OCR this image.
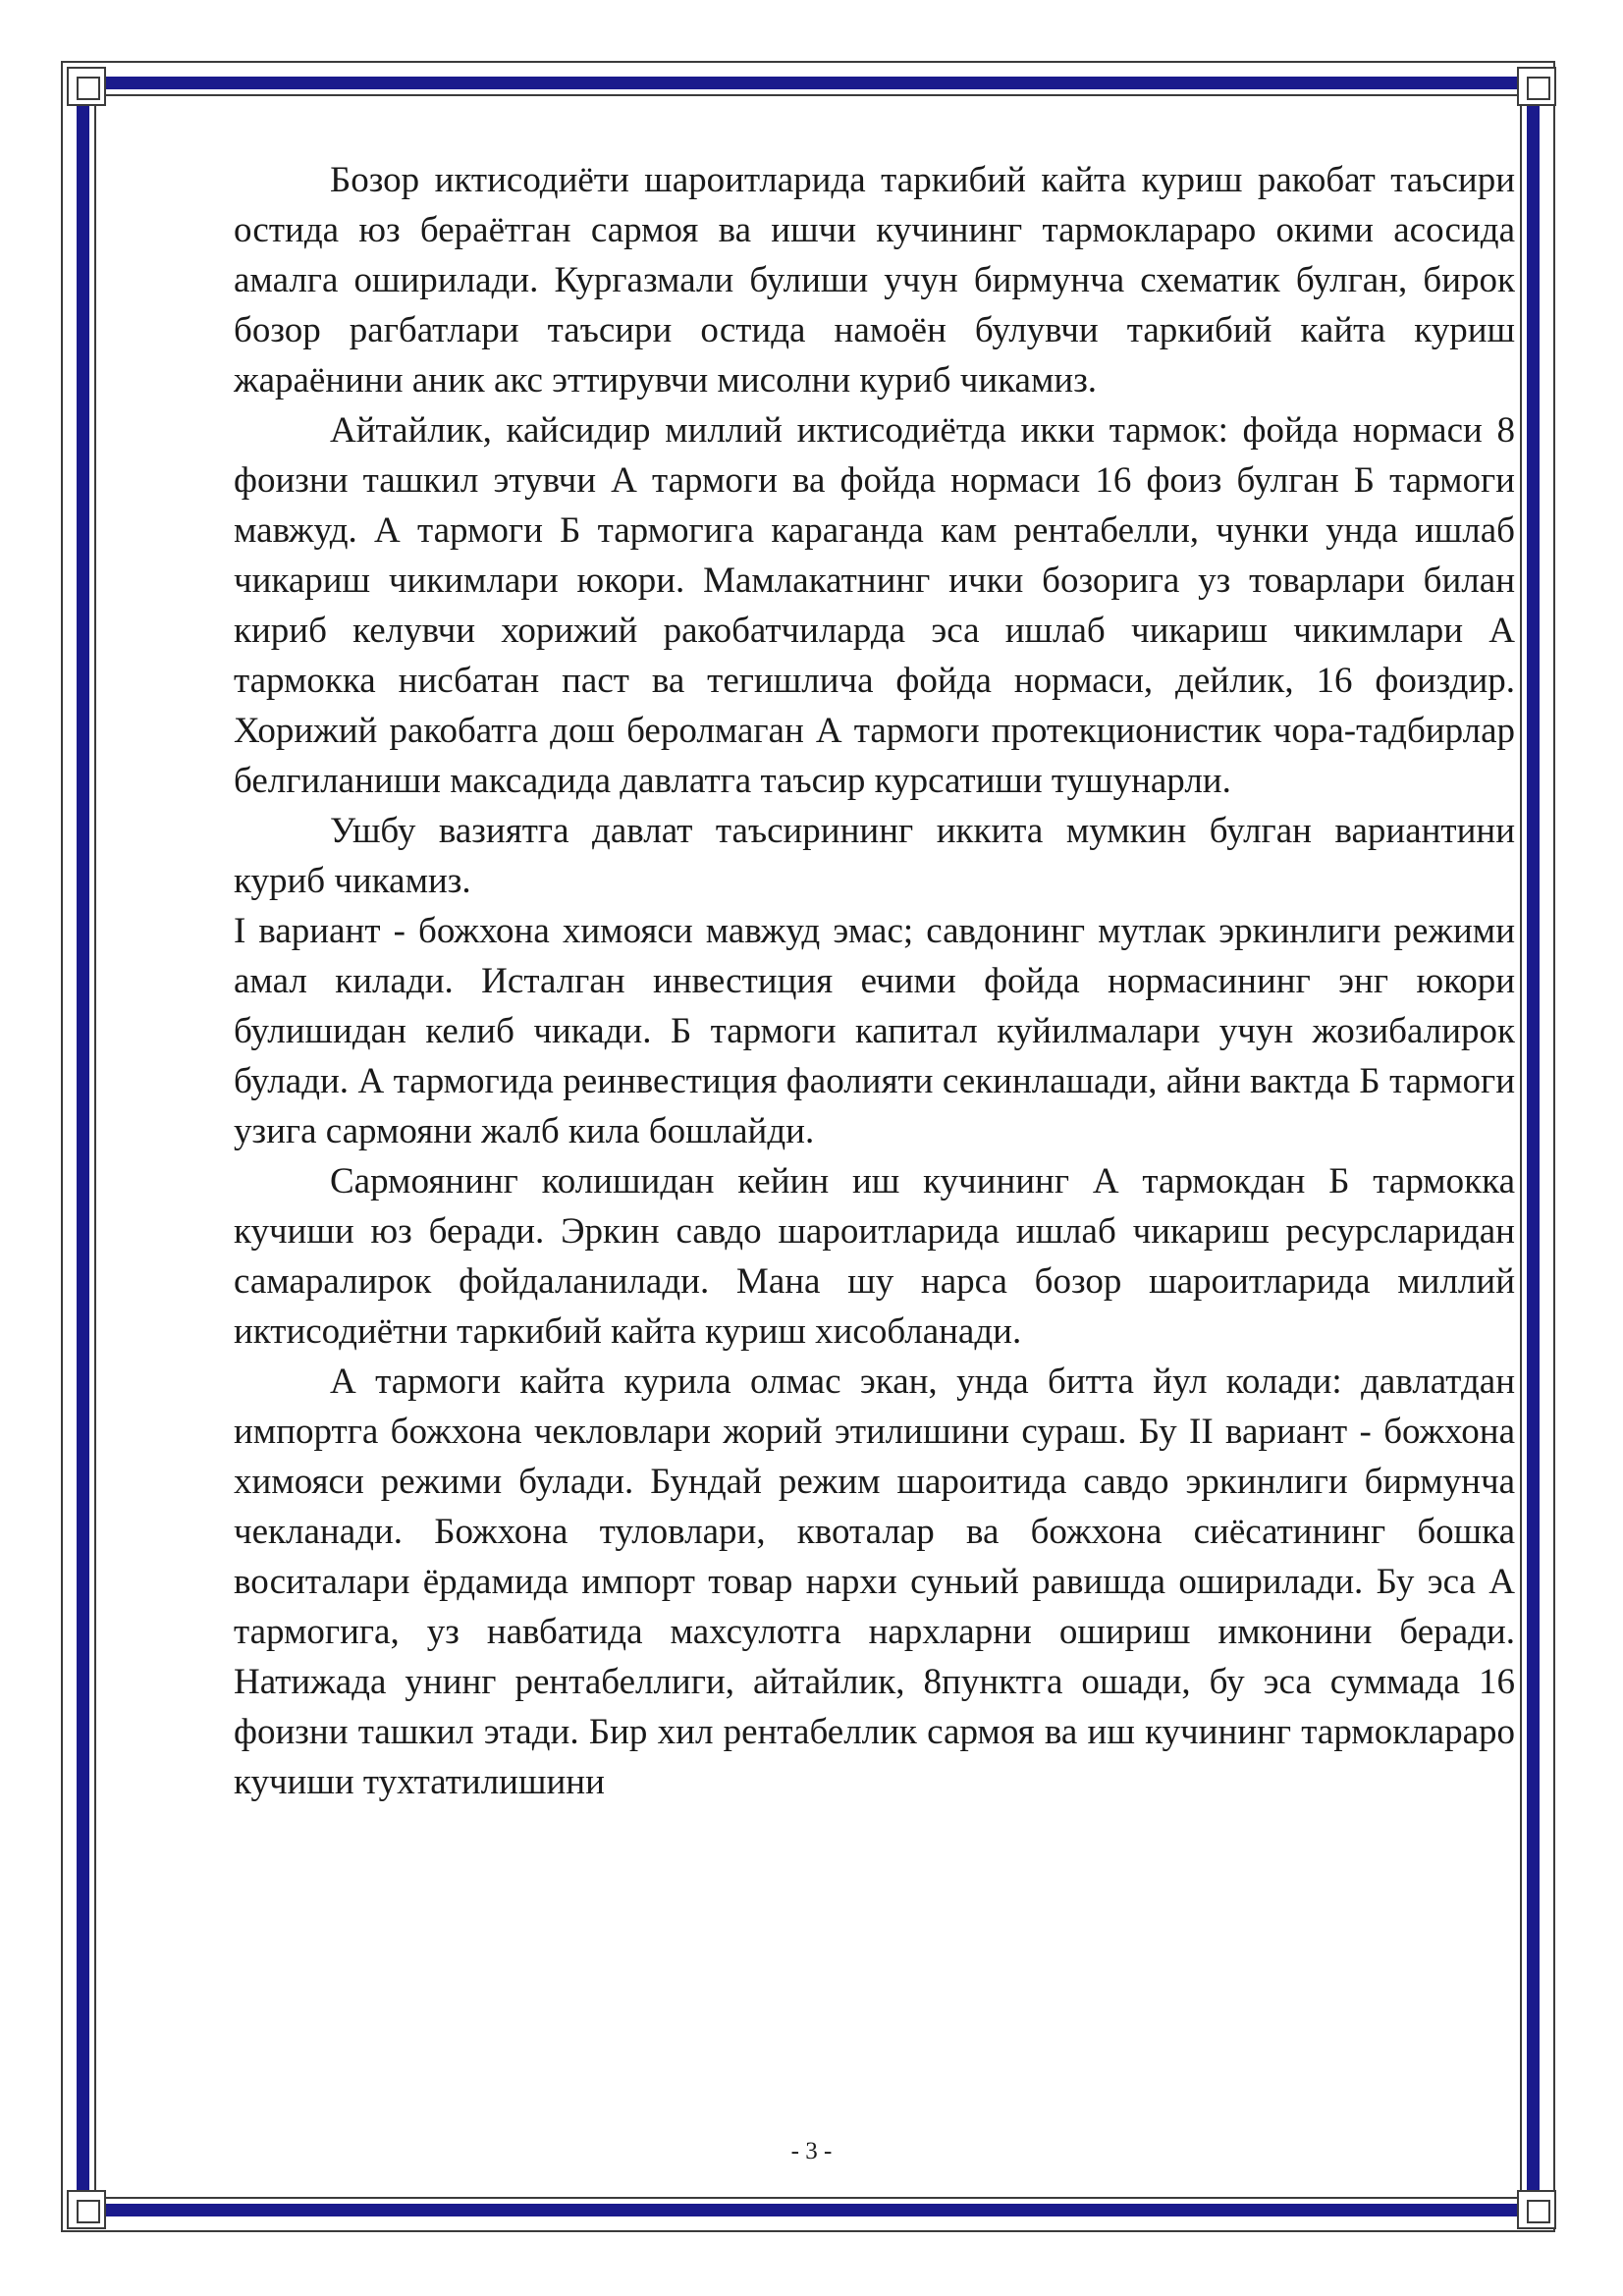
Бозор иктисодиёти шароитларида таркибий кайта куриш ракобат таъсири остида юз бераётган сармоя ва ишчи кучининг тармоклараро окими асосида амалга оширилади. Кургазмали булиши учун бирмунча схематик булган, бирок бозор рагбатлари таъсири остида намоён булувчи таркибий кайта куриш жараёнини аник акс эттирувчи мисолни куриб чикамиз.

Айтайлик, кайсидир миллий иктисодиётда икки тармок: фойда нормаси 8 фоизни ташкил этувчи А тармоги ва фойда нормаси 16 фоиз булган Б тармоги мавжуд. А тармоги Б тармогига караганда кам рентабелли, чунки унда ишлаб чикариш чикимлари юкори. Мамлакатнинг ички бозорига уз товарлари билан кириб келувчи хорижий ракобатчиларда эса ишлаб чикариш чикимлари А тармокка нисбатан паст ва тегишлича фойда нормаси, дейлик, 16 фоиздир. Хорижий ракобатга дош беролмаган А тармоги протекционистик чора-тадбирлар белгиланиши максадида давлатга таъсир курсатиши тушунарли.

Ушбу вазиятга давлат таъсирининг иккита мумкин булган вариантини куриб чикамиз.

I вариант - божхона химояси мавжуд эмас; савдонинг мутлак эркинлиги режими амал килади. Исталган инвестиция ечими фойда нормасининг энг юкори булишидан келиб чикади. Б тармоги капитал куйилмалари учун жозибалирок булади. А тармогида реинвестиция фаолияти секинлашади, айни вактда Б тармоги узига сармояни жалб кила бошлайди.

Сармоянинг колишидан кейин иш кучининг А тармокдан Б тармокка кучиши юз беради. Эркин савдо шароитларида ишлаб чикариш ресурсларидан самаралирок фойдаланилади. Мана шу нарса бозор шароитларида миллий иктисодиётни таркибий кайта куриш хисобланади.

А тармоги кайта курила олмас экан, унда битта йул колади: давлатдан импортга божхона чекловлари жорий этилишини сураш. Бу II вариант - божхона химояси режими булади. Бундай режим шароитида савдо эркинлиги бирмунча чекланади. Божхона туловлари, квоталар ва божхона сиёсатининг бошка воситалари ёрдамида импорт товар нархи суньий равишда оширилади. Бу эса А тармогига, уз навбатида махсулотга нархларни ошириш имконини беради. Натижада унинг рентабеллиги, айтайлик, 8пунктга ошади, бу эса суммада 16 фоизни ташкил этади. Бир хил рентабеллик сармоя ва иш кучининг тармоклараро кучиши тухтатилишини

- 3 -
